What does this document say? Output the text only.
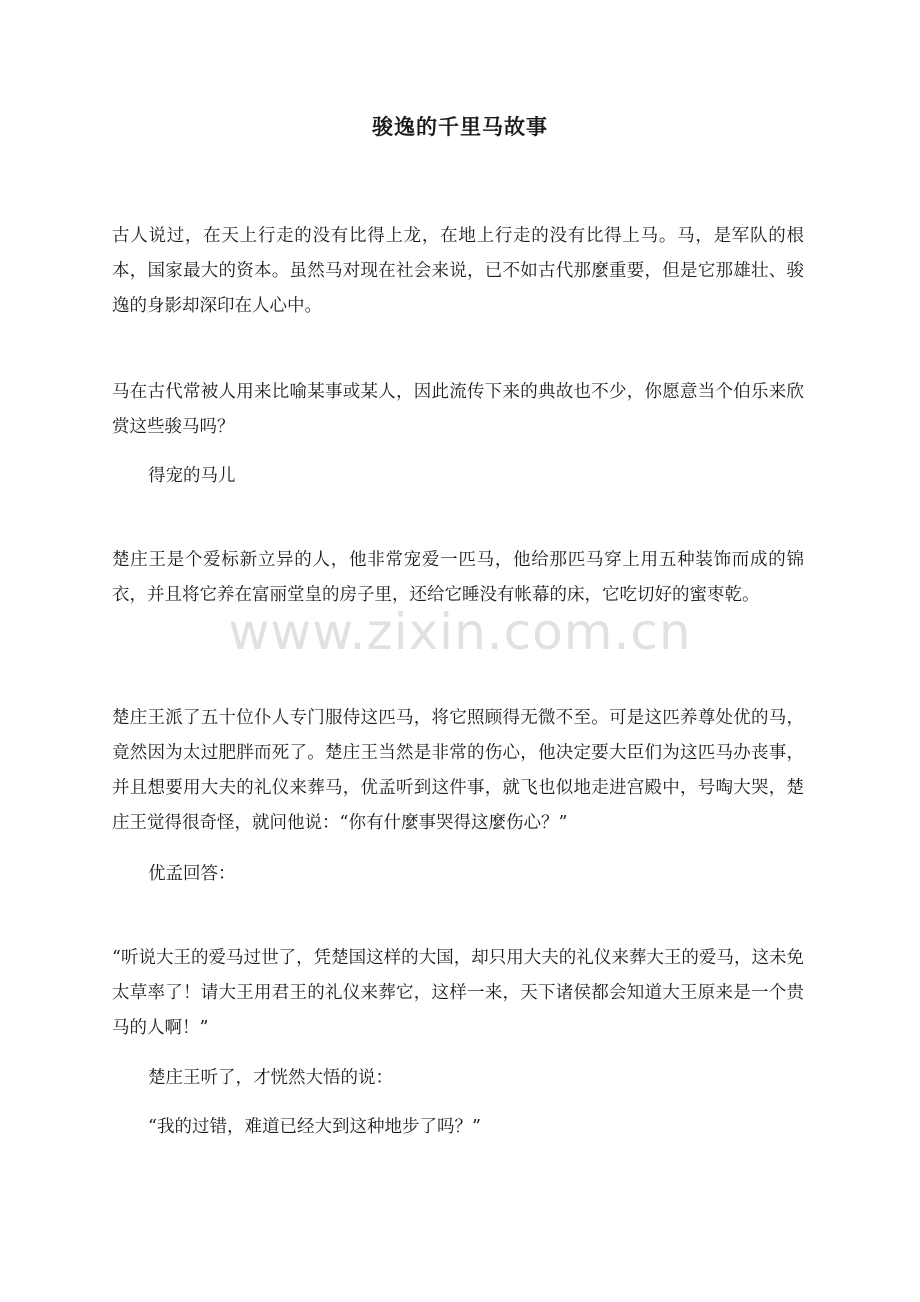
骏逸的千里马故事

古人说过，在天上行走的没有比得上龙，在地上行走的没有比得上马。马，是军队的根本，国家最大的资本。虽然马对现在社会来说，已不如古代那麼重要，但是它那雄壮、骏逸的身影却深印在人心中。

马在古代常被人用来比喻某事或某人，因此流传下来的典故也不少，你愿意当个伯乐来欣赏这些骏马吗？

得宠的马儿

楚庄王是个爱标新立异的人，他非常宠爱一匹马，他给那匹马穿上用五种装饰而成的锦衣，并且将它养在富丽堂皇的房子里，还给它睡没有帐幕的床，它吃切好的蜜枣乾。

楚庄王派了五十位仆人专门服侍这匹马，将它照顾得无微不至。可是这匹养尊处优的马，竟然因为太过肥胖而死了。楚庄王当然是非常的伤心，他决定要大臣们为这匹马办丧事，并且想要用大夫的礼仪来葬马，优孟听到这件事，就飞也似地走进宫殿中，号啕大哭，楚庄王觉得很奇怪，就问他说：“你有什麼事哭得这麼伤心？”

优孟回答：

“听说大王的爱马过世了，凭楚国这样的大国，却只用大夫的礼仪来葬大王的爱马，这未免太草率了！请大王用君王的礼仪来葬它，这样一来，天下诸侯都会知道大王原来是一个贵马的人啊！”

楚庄王听了，才恍然大悟的说：

“我的过错，难道已经大到这种地步了吗？”

www.zixin.com.cn
